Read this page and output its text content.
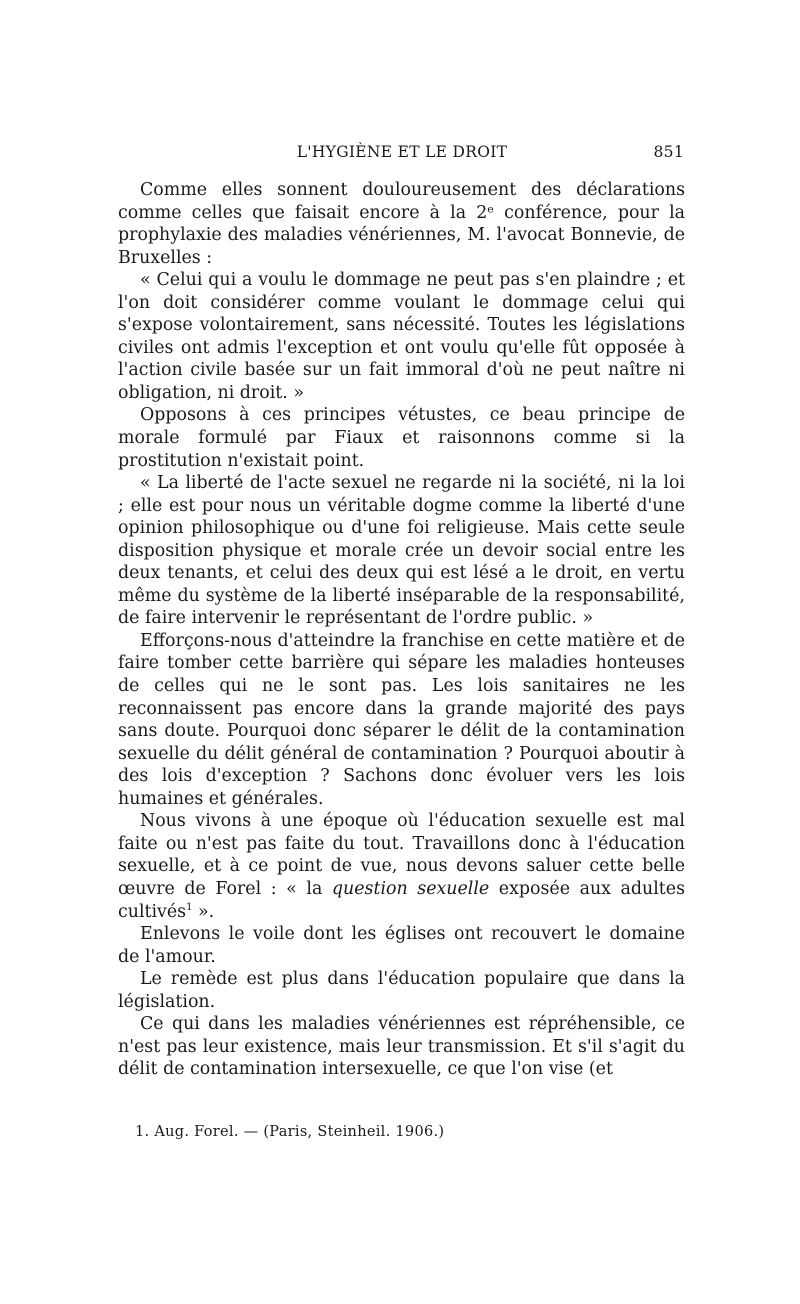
L'HYGIÈNE ET LE DROIT	851

Comme elles sonnent douloureusement des déclarations comme celles que faisait encore à la 2ᵉ conférence, pour la prophylaxie des maladies vénériennes, M. l'avocat Bonnevie, de Bruxelles :

« Celui qui a voulu le dommage ne peut pas s'en plaindre ; et l'on doit considérer comme voulant le dommage celui qui s'expose volontairement, sans nécessité. Toutes les législations civiles ont admis l'exception et ont voulu qu'elle fût opposée à l'action civile basée sur un fait immoral d'où ne peut naître ni obligation, ni droit. »

Opposons à ces principes vétustes, ce beau principe de morale formulé par Fiaux et raisonnons comme si la prostitution n'existait point.

« La liberté de l'acte sexuel ne regarde ni la société, ni la loi ; elle est pour nous un véritable dogme comme la liberté d'une opinion philosophique ou d'une foi religieuse. Mais cette seule disposition physique et morale crée un devoir social entre les deux tenants, et celui des deux qui est lésé a le droit, en vertu même du système de la liberté inséparable de la responsabilité, de faire intervenir le représentant de l'ordre public. »

Efforçons-nous d'atteindre la franchise en cette matière et de faire tomber cette barrière qui sépare les maladies honteuses de celles qui ne le sont pas. Les lois sanitaires ne les reconnaissent pas encore dans la grande majorité des pays sans doute. Pourquoi donc séparer le délit de la contamination sexuelle du délit général de contamination ? Pourquoi aboutir à des lois d'exception ? Sachons donc évoluer vers les lois humaines et générales.

Nous vivons à une époque où l'éducation sexuelle est mal faite ou n'est pas faite du tout. Travaillons donc à l'éducation sexuelle, et à ce point de vue, nous devons saluer cette belle œuvre de Forel : « la question sexuelle exposée aux adultes cultivés$^1$ ».

Enlevons le voile dont les églises ont recouvert le domaine de l'amour.

Le remède est plus dans l'éducation populaire que dans la législation.

Ce qui dans les maladies vénériennes est répréhensible, ce n'est pas leur existence, mais leur transmission. Et s'il s'agit du délit de contamination intersexuelle, ce que l'on vise (et

1. Aug. Forel. — (Paris, Steinheil. 1906.)
